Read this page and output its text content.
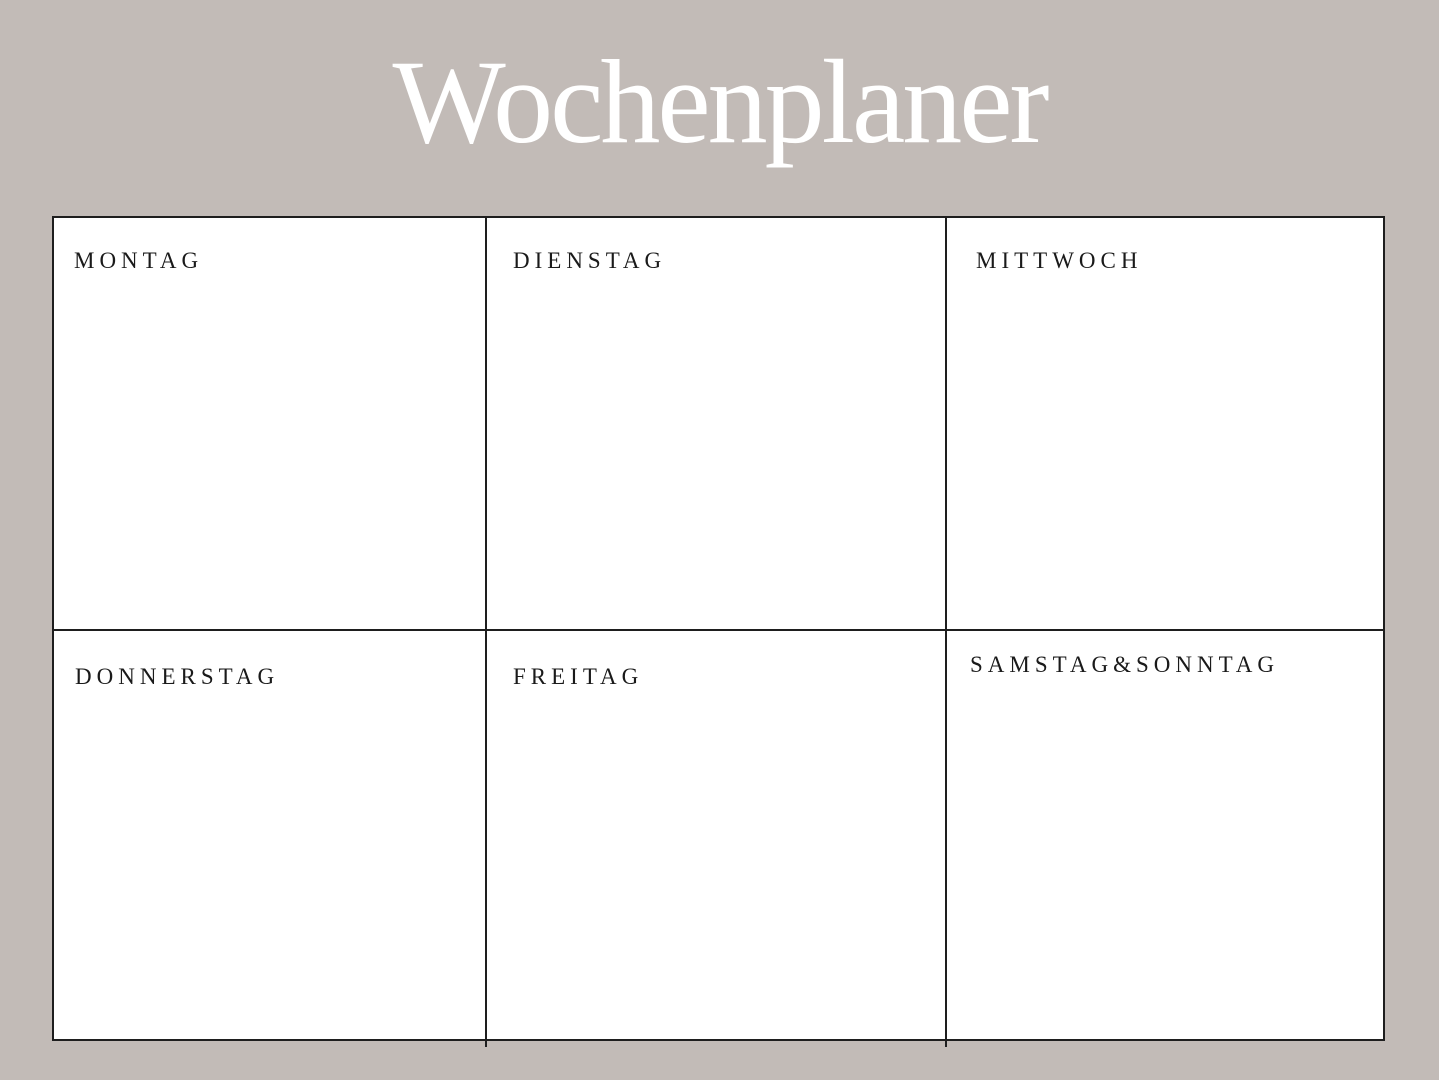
Wochenplaner
MONTAG	DIENSTAG	MITTWOCH
DONNERSTAG	FREITAG	SAMSTAG&SONNTAG
